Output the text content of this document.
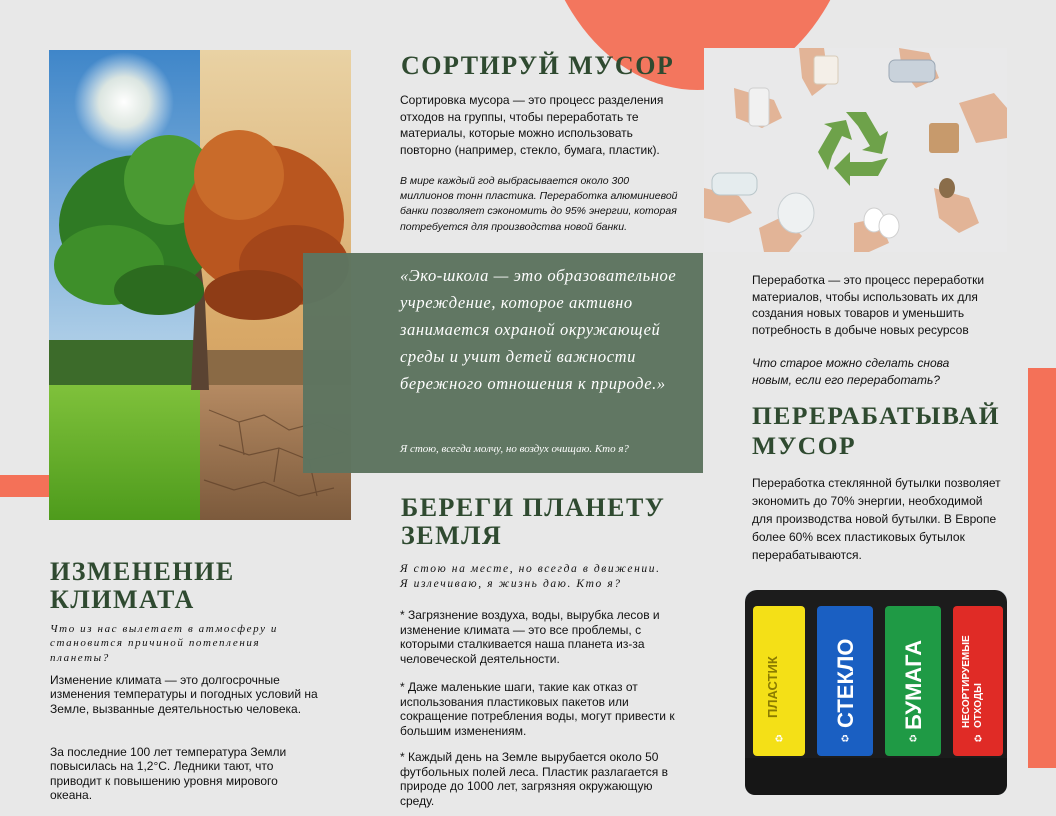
СОРТИРУЙ МУСОР
Сортировка мусора — это процесс разделения отходов на группы, чтобы переработать те материалы, которые можно использовать повторно (например, стекло, бумага, пластик).
В мире каждый год выбрасывается около 300 миллионов тонн пластика. Переработка алюминиевой банки позволяет сэкономить до 95% энергии, которая потребуется для производства новой банки.
«Эко-школа — это образовательное учреждение, которое активно занимается охраной окружающей среды и учит детей важности бережного отношения к природе.»
Я стою, всегда молчу, но воздух очищаю. Кто я?
Переработка — это процесс переработки материалов, чтобы использовать их для создания новых товаров и уменьшить потребность в добыче новых ресурсов
Что старое можно сделать снова новым, если его переработать?
ПЕРЕРАБАТЫВАЙ
МУСОР
Переработка стеклянной бутылки позволяет экономить до 70% энергии, необходимой для производства новой бутылки. В Европе более 60% всех пластиковых бутылок перерабатываются.
♻	♻	♻	♻
ПЛАСТИК СТЕКЛО БУМАГА	НЕСОРТИРУЕМЫЕ
ОТХОДЫ
БЕРЕГИ ПЛАНЕТУ
ЗЕМЛЯ
Я стою на месте, но всегда в движении.
Я излечиваю, я жизнь даю. Кто я?
* Загрязнение воздуха, воды, вырубка лесов и изменение климата — это все проблемы, с которыми сталкивается наша планета из-за человеческой деятельности.
* Даже маленькие шаги, такие как отказ от использования пластиковых пакетов или сокращение потребления воды, могут привести к большим изменениям.
* Каждый день на Земле вырубается около 50 футбольных полей леса. Пластик разлагается в природе до 1000 лет, загрязняя окружающую среду.
ИЗМЕНЕНИЕ
КЛИМАТА
Что из нас вылетает в атмосферу и становится причиной потепления планеты?
Изменение климата — это долгосрочные изменения температуры и погодных условий на Земле, вызванные деятельностью человека.
За последние 100 лет температура Земли повысилась на 1,2°С. Ледники тают, что приводит к повышению уровня мирового океана.
